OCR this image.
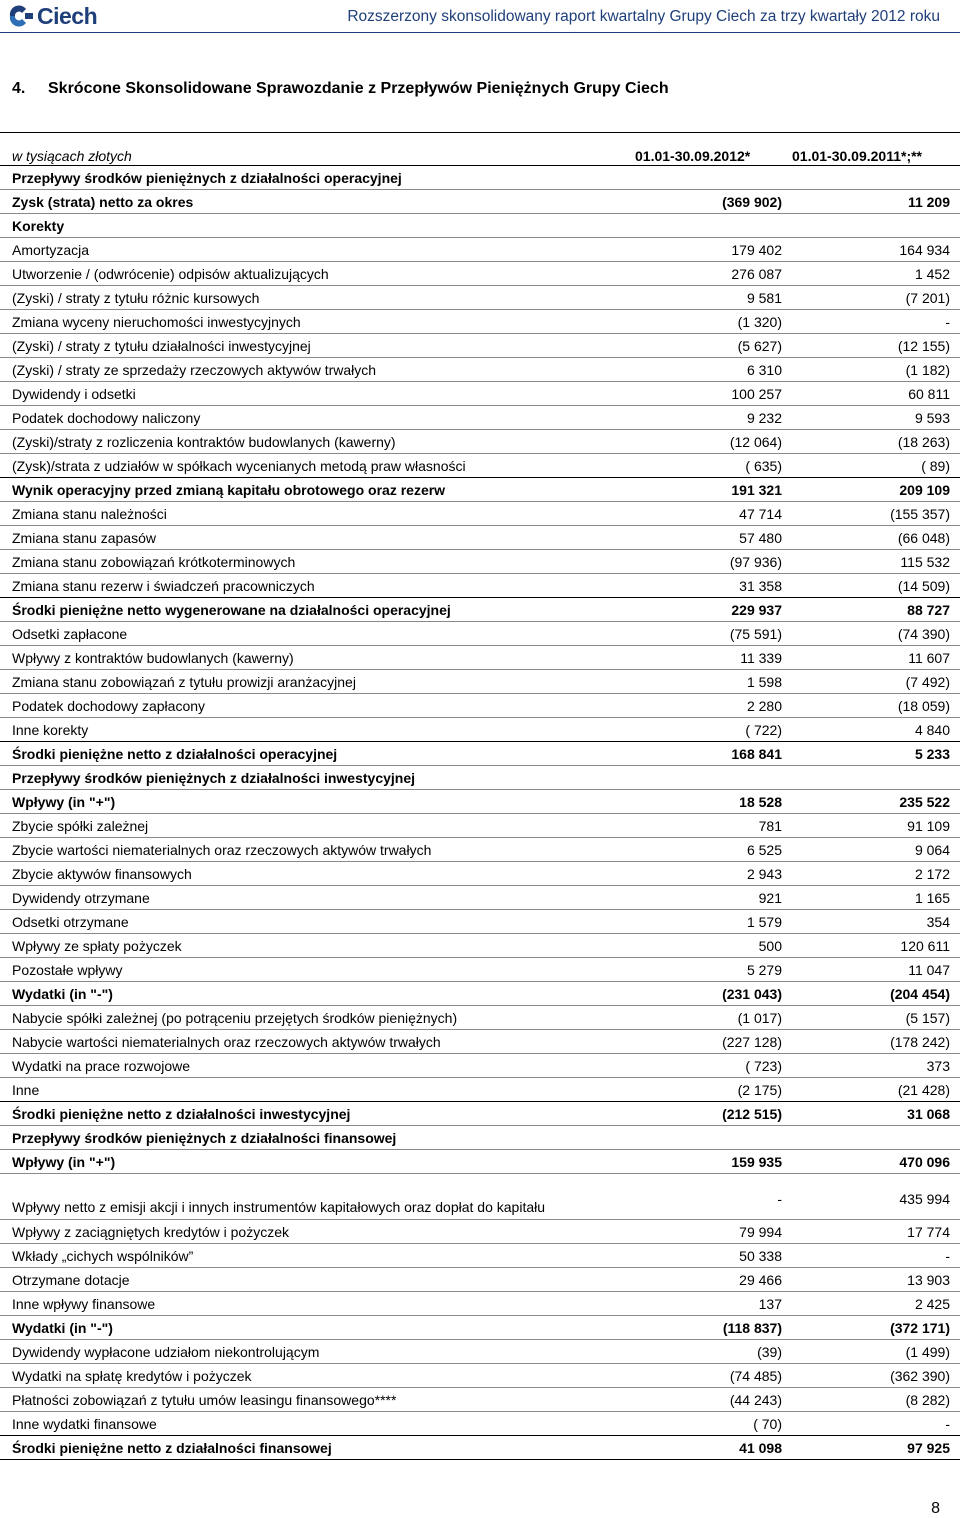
Ciech	Rozszerzony skonsolidowany raport kwartalny Grupy Ciech za trzy kwartały 2012 roku
4. Skrócone Skonsolidowane Sprawozdanie z Przepływów Pieniężnych Grupy Ciech
w tysiącach złotych	01.01-30.09.2012*	01.01-30.09.2011*;**
Przepływy środków pieniężnych z działalności operacyjnej
Zysk (strata) netto za okres	(369 902)	11 209
Korekty
Amortyzacja	179 402	164 934
Utworzenie / (odwrócenie) odpisów aktualizujących	276 087	1 452
(Zyski) / straty z tytułu różnic kursowych	9 581	(7 201)
Zmiana wyceny nieruchomości inwestycyjnych	(1 320)	-
(Zyski) / straty z tytułu działalności inwestycyjnej	(5 627)	(12 155)
(Zyski) / straty ze sprzedaży rzeczowych aktywów trwałych	6 310	(1 182)
Dywidendy i odsetki	100 257	60 811
Podatek dochodowy naliczony	9 232	9 593
(Zyski)/straty z rozliczenia kontraktów budowlanych (kawerny)	(12 064)	(18 263)
(Zysk)/strata z udziałów w spółkach wycenianych metodą praw własności	( 635)	( 89)
Wynik operacyjny przed zmianą kapitału obrotowego oraz rezerw	191 321	209 109
Zmiana stanu należności	47 714	(155 357)
Zmiana stanu zapasów	57 480	(66 048)
Zmiana stanu zobowiązań krótkoterminowych	(97 936)	115 532
Zmiana stanu rezerw i świadczeń pracowniczych	31 358	(14 509)
Środki pieniężne netto wygenerowane na działalności operacyjnej	229 937	88 727
Odsetki zapłacone	(75 591)	(74 390)
Wpływy z kontraktów budowlanych (kawerny)	11 339	11 607
Zmiana stanu zobowiązań z tytułu prowizji aranżacyjnej	1 598	(7 492)
Podatek dochodowy zapłacony	2 280	(18 059)
Inne korekty	( 722)	4 840
Środki pieniężne netto z działalności operacyjnej	168 841	5 233
Przepływy środków pieniężnych z działalności inwestycyjnej
Wpływy (in "+")	18 528	235 522
Zbycie spółki zależnej	781	91 109
Zbycie wartości niematerialnych oraz rzeczowych aktywów trwałych	6 525	9 064
Zbycie aktywów finansowych	2 943	2 172
Dywidendy otrzymane	921	1 165
Odsetki otrzymane	1 579	354
Wpływy ze spłaty pożyczek	500	120 611
Pozostałe wpływy	5 279	11 047
Wydatki (in "-")	(231 043)	(204 454)
Nabycie spółki zależnej (po potrąceniu przejętych środków pieniężnych)	(1 017)	(5 157)
Nabycie wartości niematerialnych oraz rzeczowych aktywów trwałych	(227 128)	(178 242)
Wydatki na prace rozwojowe	( 723)	373
Inne	(2 175)	(21 428)
Środki pieniężne netto z działalności inwestycyjnej	(212 515)	31 068
Przepływy środków pieniężnych z działalności finansowej
Wpływy (in "+")	159 935	470 096
Wpływy netto z emisji akcji i innych instrumentów kapitałowych oraz dopłat do kapitału	-	435 994
Wpływy z zaciągniętych kredytów i pożyczek	79 994	17 774
Wkłady „cichych wspólników”	50 338	-
Otrzymane dotacje	29 466	13 903
Inne wpływy finansowe	137	2 425
Wydatki (in "-")	(118 837)	(372 171)
Dywidendy wypłacone udziałom niekontrolującym	(39)	(1 499)
Wydatki na spłatę kredytów i pożyczek	(74 485)	(362 390)
Płatności zobowiązań z tytułu umów leasingu finansowego****	(44 243)	(8 282)
Inne wydatki finansowe	( 70)	-
Środki pieniężne netto z działalności finansowej	41 098	97 925
8
